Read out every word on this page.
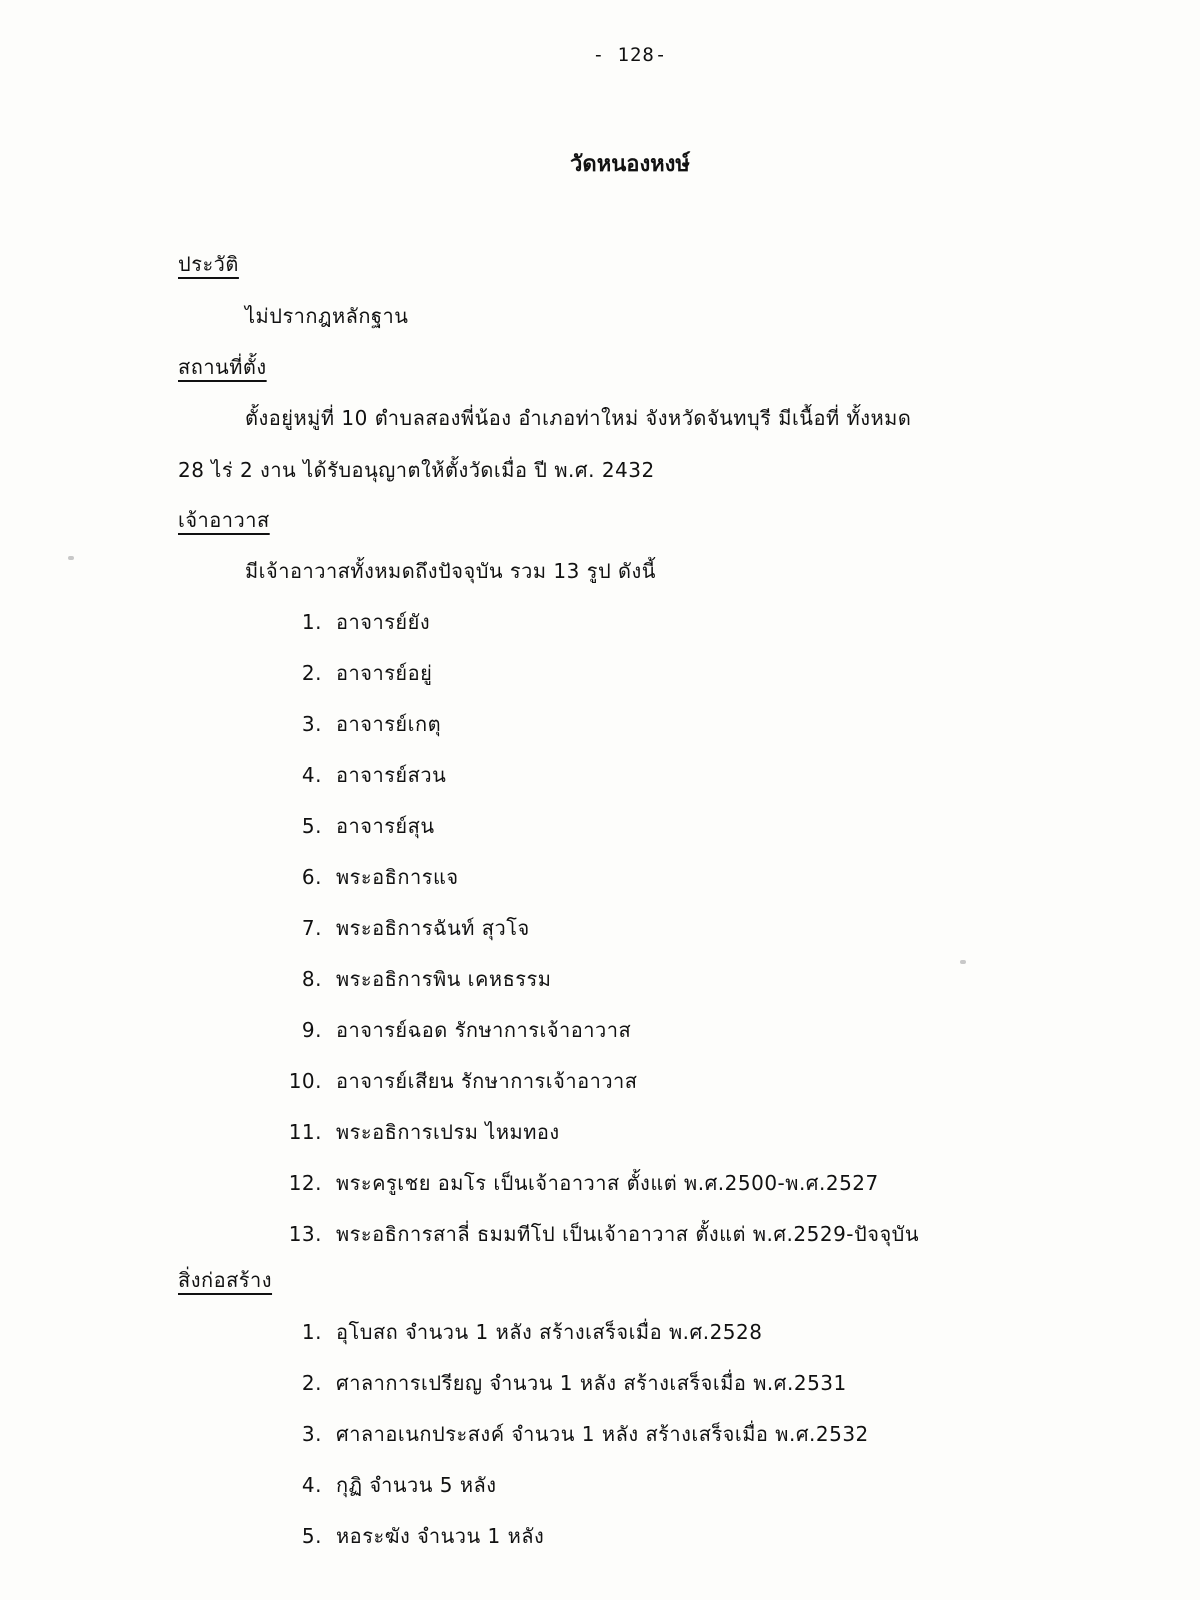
- 128-
วัดหนองหงษ์
ประวัติ
ไม่ปรากฎหลักฐาน
สถานที่ตั้ง
ตั้งอยู่หมู่ที่ 10 ตำบลสองพี่น้อง อำเภอท่าใหม่ จังหวัดจันทบุรี มีเนื้อที่ ทั้งหมด
28 ไร่ 2 งาน ได้รับอนุญาตให้ตั้งวัดเมื่อ ปี พ.ศ. 2432
เจ้าอาวาส
มีเจ้าอาวาสทั้งหมดถึงปัจจุบัน รวม 13 รูป ดังนี้
1. อาจารย์ยัง
2. อาจารย์อยู่
3. อาจารย์เกตุ
4. อาจารย์สวน
5. อาจารย์สุน
6. พระอธิการแจ
7. พระอธิการฉันท์ สุวโจ
8. พระอธิการพิน เคหธรรม
9. อาจารย์ฉอด รักษาการเจ้าอาวาส
10. อาจารย์เสียน รักษาการเจ้าอาวาส
11. พระอธิการเปรม ไหมทอง
12. พระครูเชย อมโร เป็นเจ้าอาวาส ตั้งแต่ พ.ศ.2500-พ.ศ.2527
13. พระอธิการสาลี่ ธมมทีโป เป็นเจ้าอาวาส ตั้งแต่ พ.ศ.2529-ปัจจุบัน
สิ่งก่อสร้าง
1. อุโบสถ จำนวน 1 หลัง สร้างเสร็จเมื่อ พ.ศ.2528
2. ศาลาการเปรียญ จำนวน 1 หลัง สร้างเสร็จเมื่อ พ.ศ.2531
3. ศาลาอเนกประสงค์ จำนวน 1 หลัง สร้างเสร็จเมื่อ พ.ศ.2532
4. กุฏิ จำนวน 5 หลัง
5. หอระฆัง จำนวน 1 หลัง
